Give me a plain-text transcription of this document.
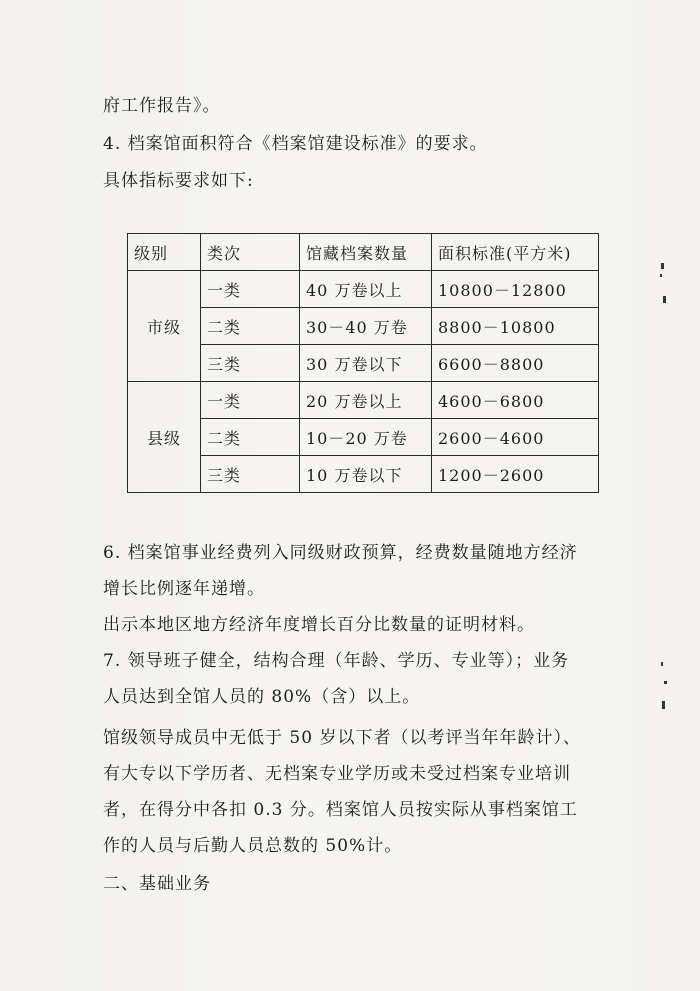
府工作报告》。
4. 档案馆面积符合《档案馆建设标准》的要求。
具体指标要求如下:
级别	类次	馆藏档案数量	面积标准(平方米)
市级	一类	40 万卷以上	10800－12800
	二类	30－40 万卷	8800－10800
	三类	30 万卷以下	6600－8800
县级	一类	20 万卷以上	4600－6800
	二类	10－20 万卷	2600－4600
	三类	10 万卷以下	1200－2600
6. 档案馆事业经费列入同级财政预算，经费数量随地方经济
增长比例逐年递增。
出示本地区地方经济年度增长百分比数量的证明材料。
7. 领导班子健全，结构合理（年龄、学历、专业等）；业务
人员达到全馆人员的 80%（含）以上。
馆级领导成员中无低于 50 岁以下者（以考评当年年龄计）、
有大专以下学历者、无档案专业学历或未受过档案专业培训
者，在得分中各扣 0.3 分。档案馆人员按实际从事档案馆工
作的人员与后勤人员总数的 50%计。
二、基础业务
